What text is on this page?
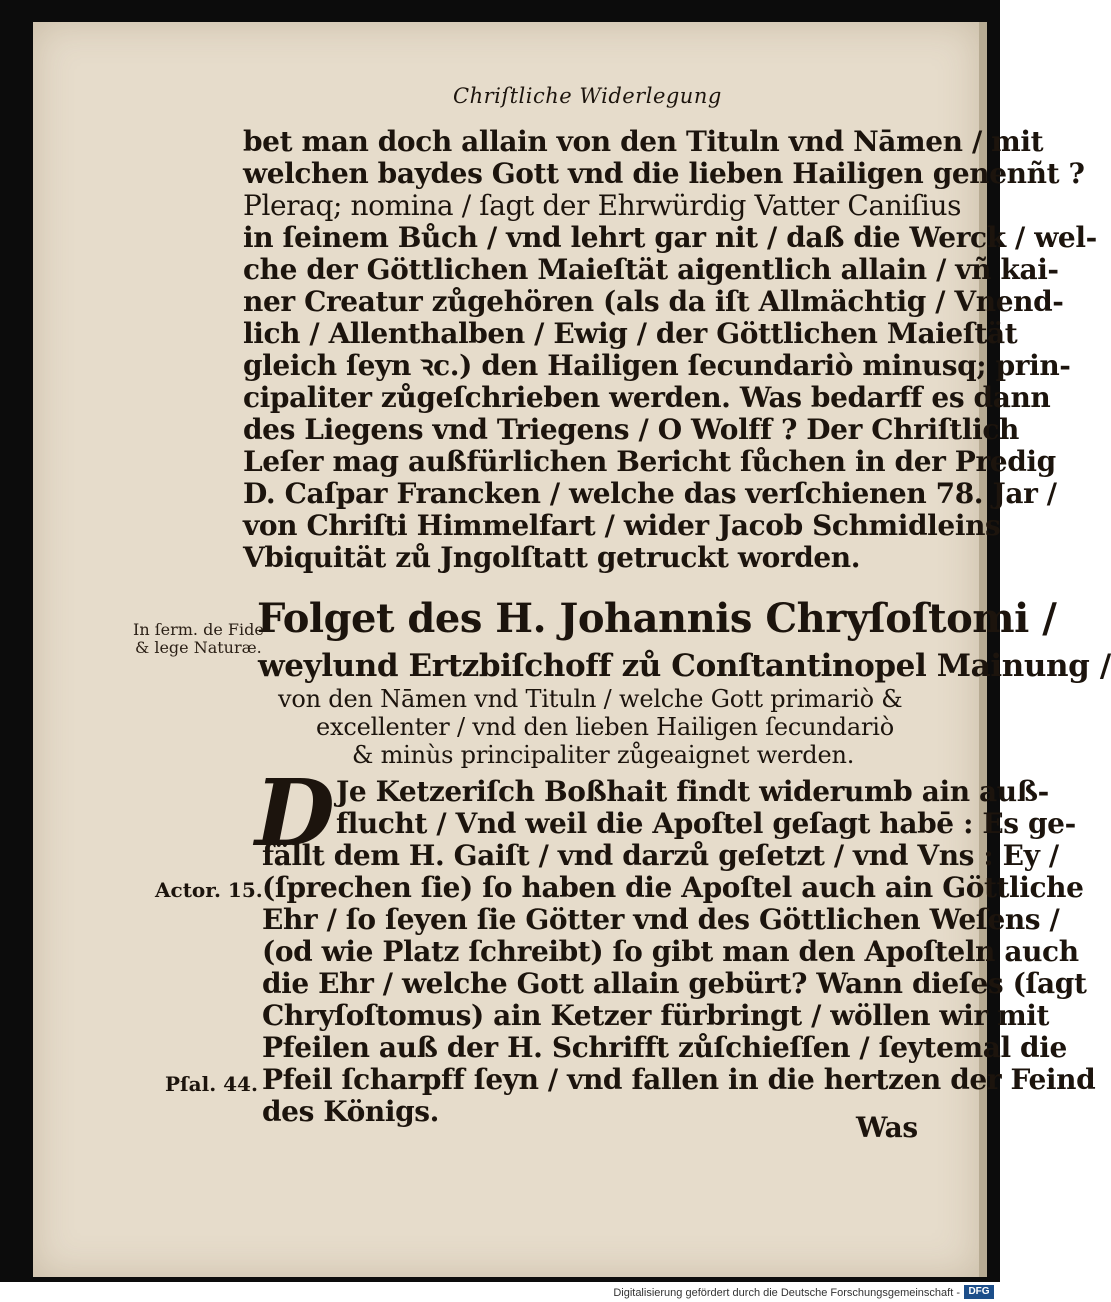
Chriſtliche Widerlegung
bet man doch allain von den Tituln vnd Nāmen / mit
welchen baydes Gott vnd die lieben Hailigen genenñt ?
Pleraq; nomina / ſagt der Ehrwürdig Vatter Caniſius
in ſeinem Bůch / vnd lehrt gar nit / daß die Werck / wel-
che der Göttlichen Maieſtät aigentlich allain / vñ kai-
ner Creatur zůgehören (als da iſt Allmächtig / Vnend-
lich / Allenthalben / Ewig / der Göttlichen Maieſtät
gleich ſeyn ꝛc.) den Hailigen ſecundariò minusq; prin-
cipaliter zůgeſchrieben werden. Was bedarff es dann
des Liegens vnd Triegens / O Wolff ? Der Chriſtlich
Leſer mag außfürlichen Bericht ſůchen in der Predig
D. Caſpar Francken / welche das verſchienen 78. Jar /
von Chriſti Himmelfart / wider Jacob Schmidleins
Vbiquität zů Jngolſtatt getruckt worden.
In ſerm. de Fide
& lege Naturæ.
Folget des H. Johannis Chryſoſtomi /
weylund Ertzbiſchoff zů Conſtantinopel Mainung /
von den Nāmen vnd Tituln / welche Gott primariò &
excellenter / vnd den lieben Hailigen ſecundariò
& minùs principaliter zůgeaignet werden.
D Je Ketzeriſch Boßhait findt widerumb ain auß-
flucht / Vnd weil die Apoſtel geſagt habē : Es ge-
fällt dem H. Gaiſt / vnd darzů geſetzt / vnd Vns : Ey /
(ſprechen ſie) ſo haben die Apoſtel auch ain Göttliche
Ehr / ſo ſeyen ſie Götter vnd des Göttlichen Weſens /
(od wie Platz ſchreibt) ſo gibt man den Apoſteln auch
die Ehr / welche Gott allain gebürt? Wann dieſes (ſagt
Chryſoſtomus) ain Ketzer fürbringt / wöllen wir mit
Pfeilen auß der H. Schrifft zůſchieſſen / ſeytemal die
Pfeil ſcharpff ſeyn / vnd fallen in die hertzen der Feind
des Königs.
Actor. 15.
Pſal. 44.
Was
Digitalisierung gefördert durch die Deutsche Forschungsgemeinschaft - DFG
